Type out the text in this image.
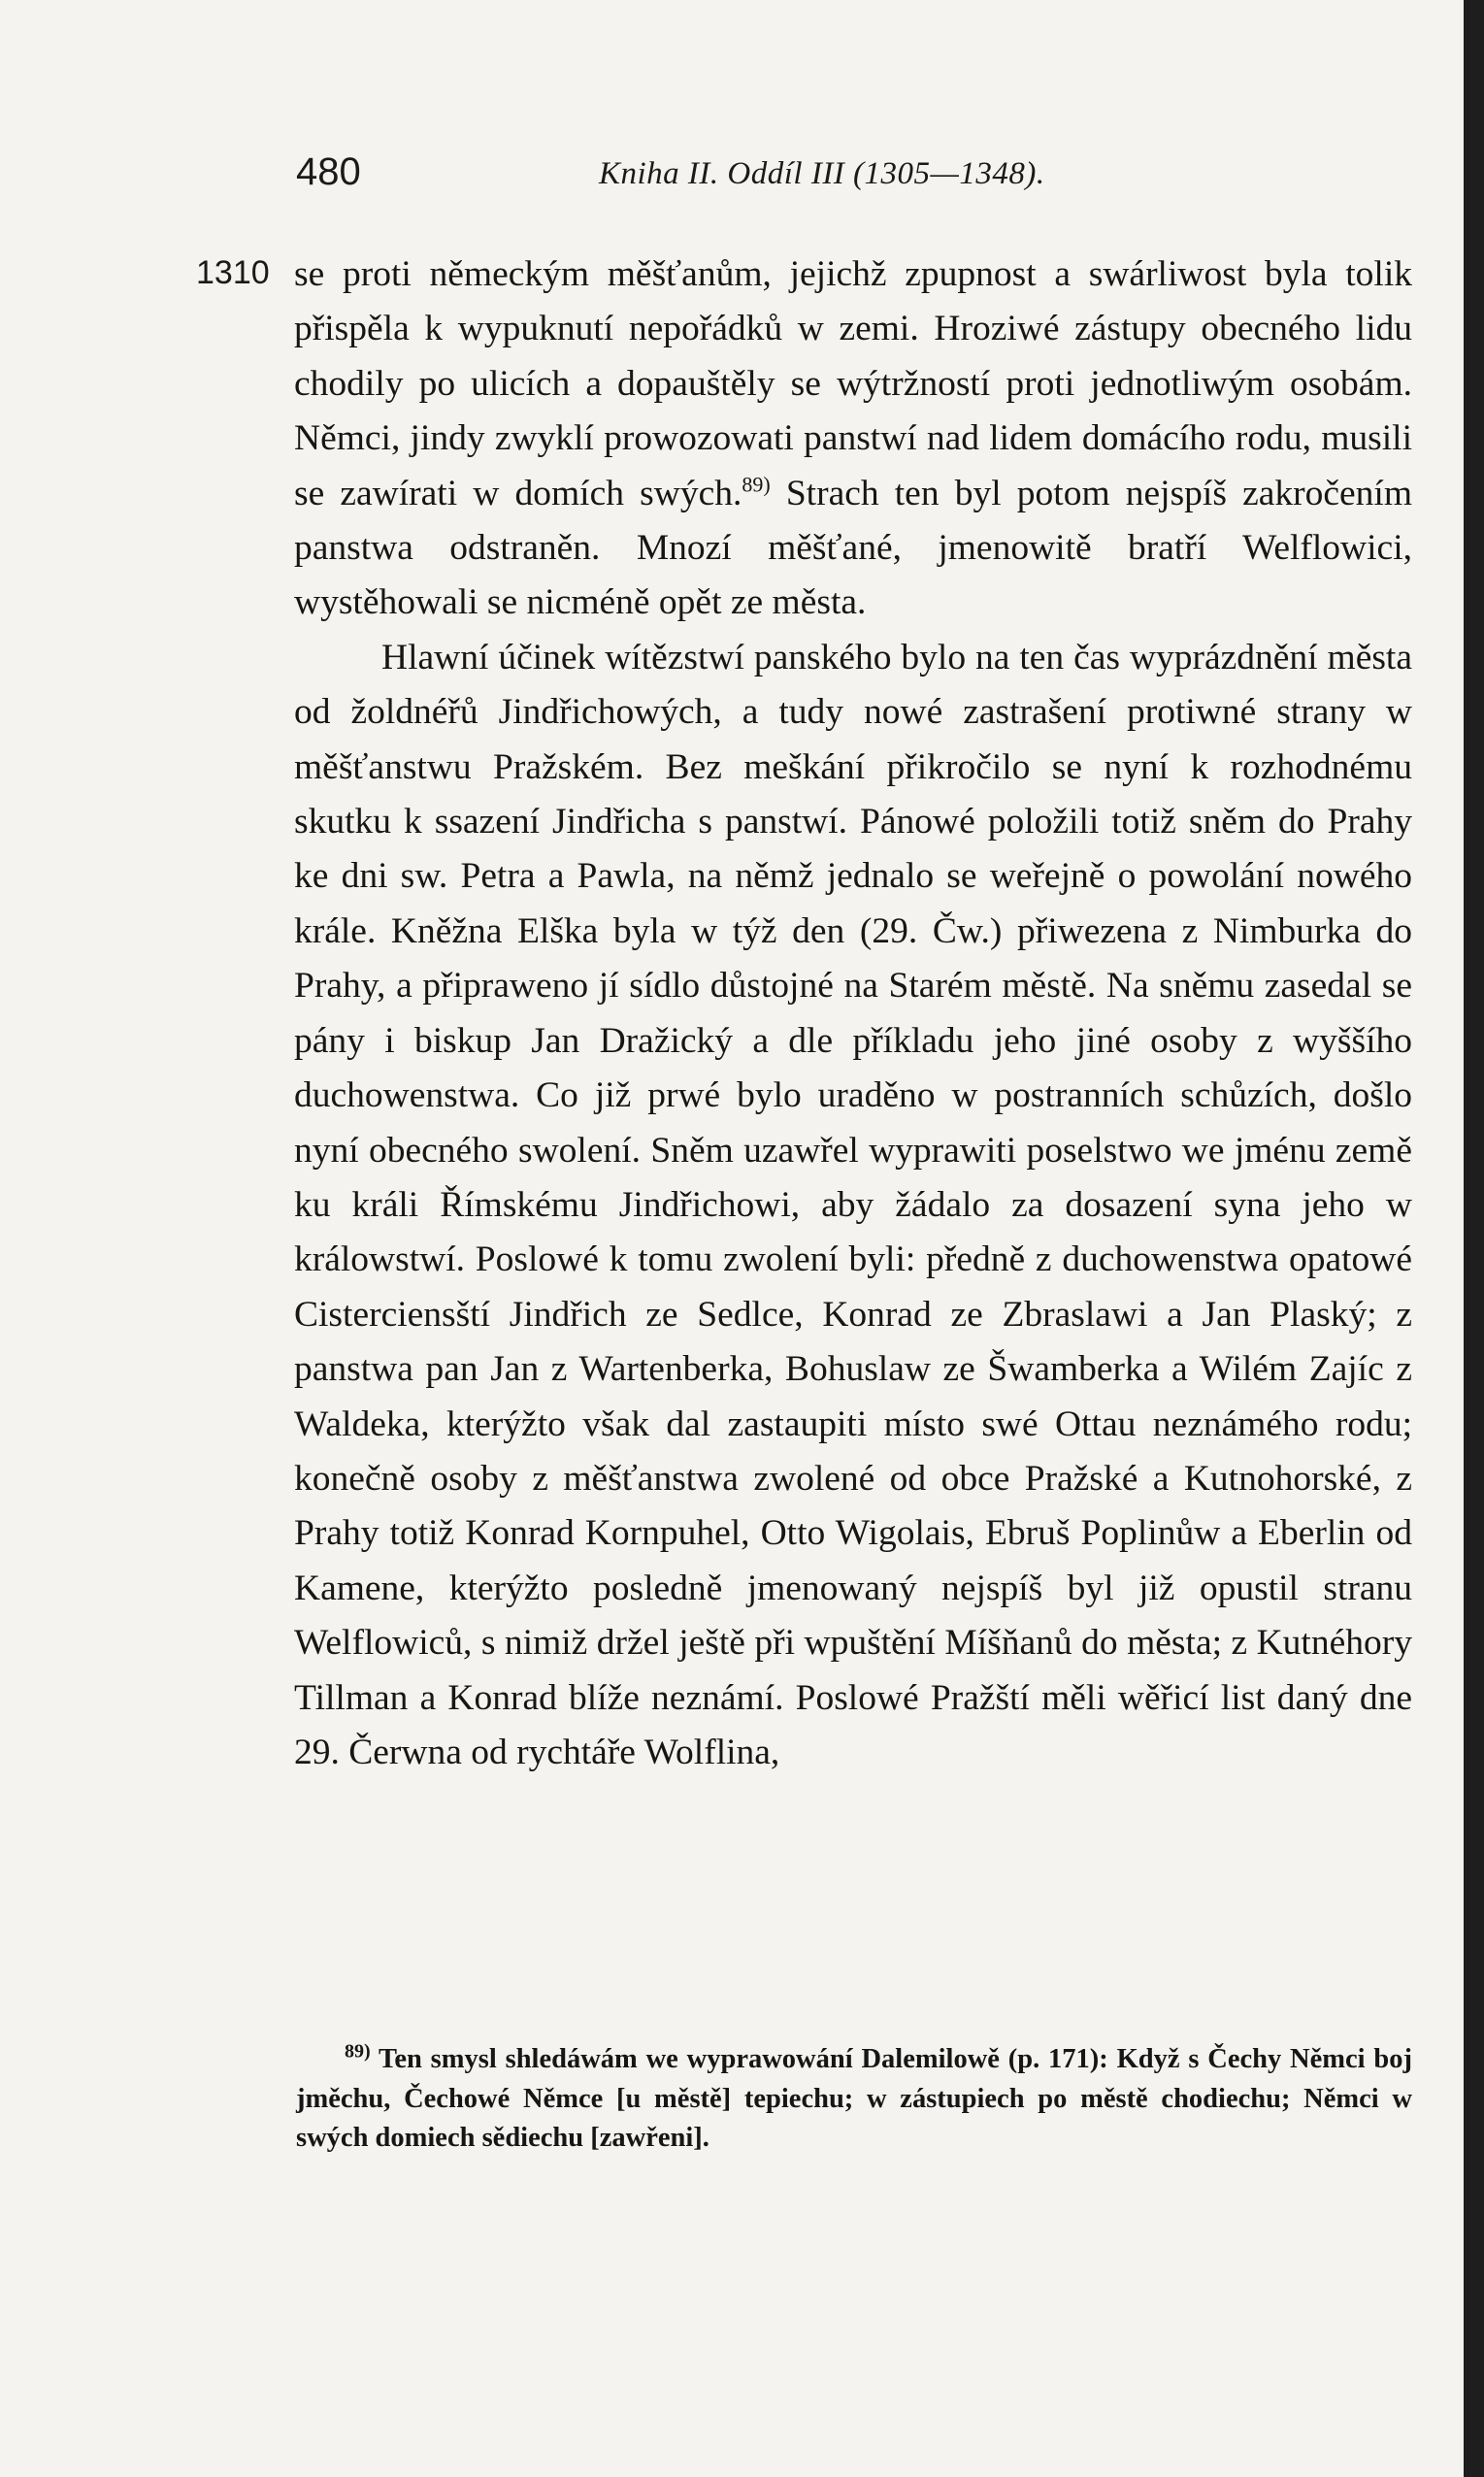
480	Kniha II. Oddíl III (1305—1348).
1310 se proti německým měšťanům, jejichž zpupnost a swárliwost byla tolik přispěla k wypuknutí nepořádků w zemi. Hroziwé zástupy obecného lidu chodily po ulicích a dopauštěly se wýtržností proti jednotliwým osobám. Němci, jindy zwyklí prowozowati panstwí nad lidem domácího rodu, musili se zawírati w domích swých.$^{89)}$ Strach ten byl potom nejspíš zakročením panstwa odstraněn. Mnozí měšťané, jmenowitě bratří Welflowici, wystěhowali se nicméně opět ze města.

Hlawní účinek wítězstwí panského bylo na ten čas wyprázdnění města od žoldnéřů Jindřichowých, a tudy nowé zastrašení protiwné strany w měšťanstwu Pražském. Bez meškání přikročilo se nyní k rozhodnému skutku k ssazení Jindřicha s panstwí. Pánowé položili totiž sněm do Prahy ke dni sw. Petra a Pawla, na němž jednalo se weřejně o powolání nowého krále. Kněžna Elška byla w týž den (29. Čw.) přiwezena z Nimburka do Prahy, a připraweno jí sídlo důstojné na Starém městě. Na sněmu zasedal se pány i biskup Jan Dražický a dle příkladu jeho jiné osoby z wyššího duchowenstwa. Co již prwé bylo uraděno w postranních schůzích, došlo nyní obecného swolení. Sněm uzawřel wyprawiti poselstwo we jménu země ku králi Římskému Jindřichowi, aby žádalo za dosazení syna jeho w králowstwí. Poslowé k tomu zwolení byli: předně z duchowenstwa opatowé Cisterciensští Jindřich ze Sedlce, Konrad ze Zbraslawi a Jan Plaský; z panstwa pan Jan z Wartenberka, Bohuslaw ze Šwamberka a Wilém Zajíc z Waldeka, kterýžto však dal zastaupiti místo swé Ottau neznámého rodu; konečně osoby z měšťanstwa zwolené od obce Pražské a Kutnohorské, z Prahy totiž Konrad Kornpuhel, Otto Wigolais, Ebruš Poplinůw a Eberlin od Kamene, kterýžto posledně jmenowaný nejspíš byl již opustil stranu Welflowiců, s nimiž držel ještě při wpuštění Míšňanů do města; z Kutnéhory Tillman a Konrad blíže neznámí. Poslowé Pražští měli wěřicí list daný dne 29. Čerwna od rychtáře Wolflina,

$^{89)}$ Ten smysl shledáwám we wyprawowání Dalemilowě (p. 171): Když s Čechy Němci boj jměchu, Čechowé Němce [u městě] tepiechu; w zástupiech po městě chodiechu; Němci w swých domiech sědiechu [zawřeni].
